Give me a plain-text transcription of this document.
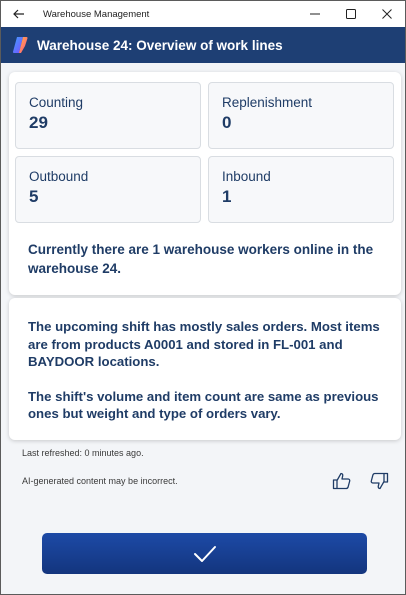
Warehouse Management
Warehouse 24: Overview of work lines
Counting
29
Replenishment
0
Outbound
5
Inbound
1
Currently there are 1 warehouse workers online in the warehouse 24.

The upcoming shift has mostly sales orders. Most items are from products A0001 and stored in FL-001 and BAYDOOR locations.

The shift's volume and item count are same as previous ones but weight and type of orders vary.

Last refreshed: 0 minutes ago.
AI-generated content may be incorrect.
